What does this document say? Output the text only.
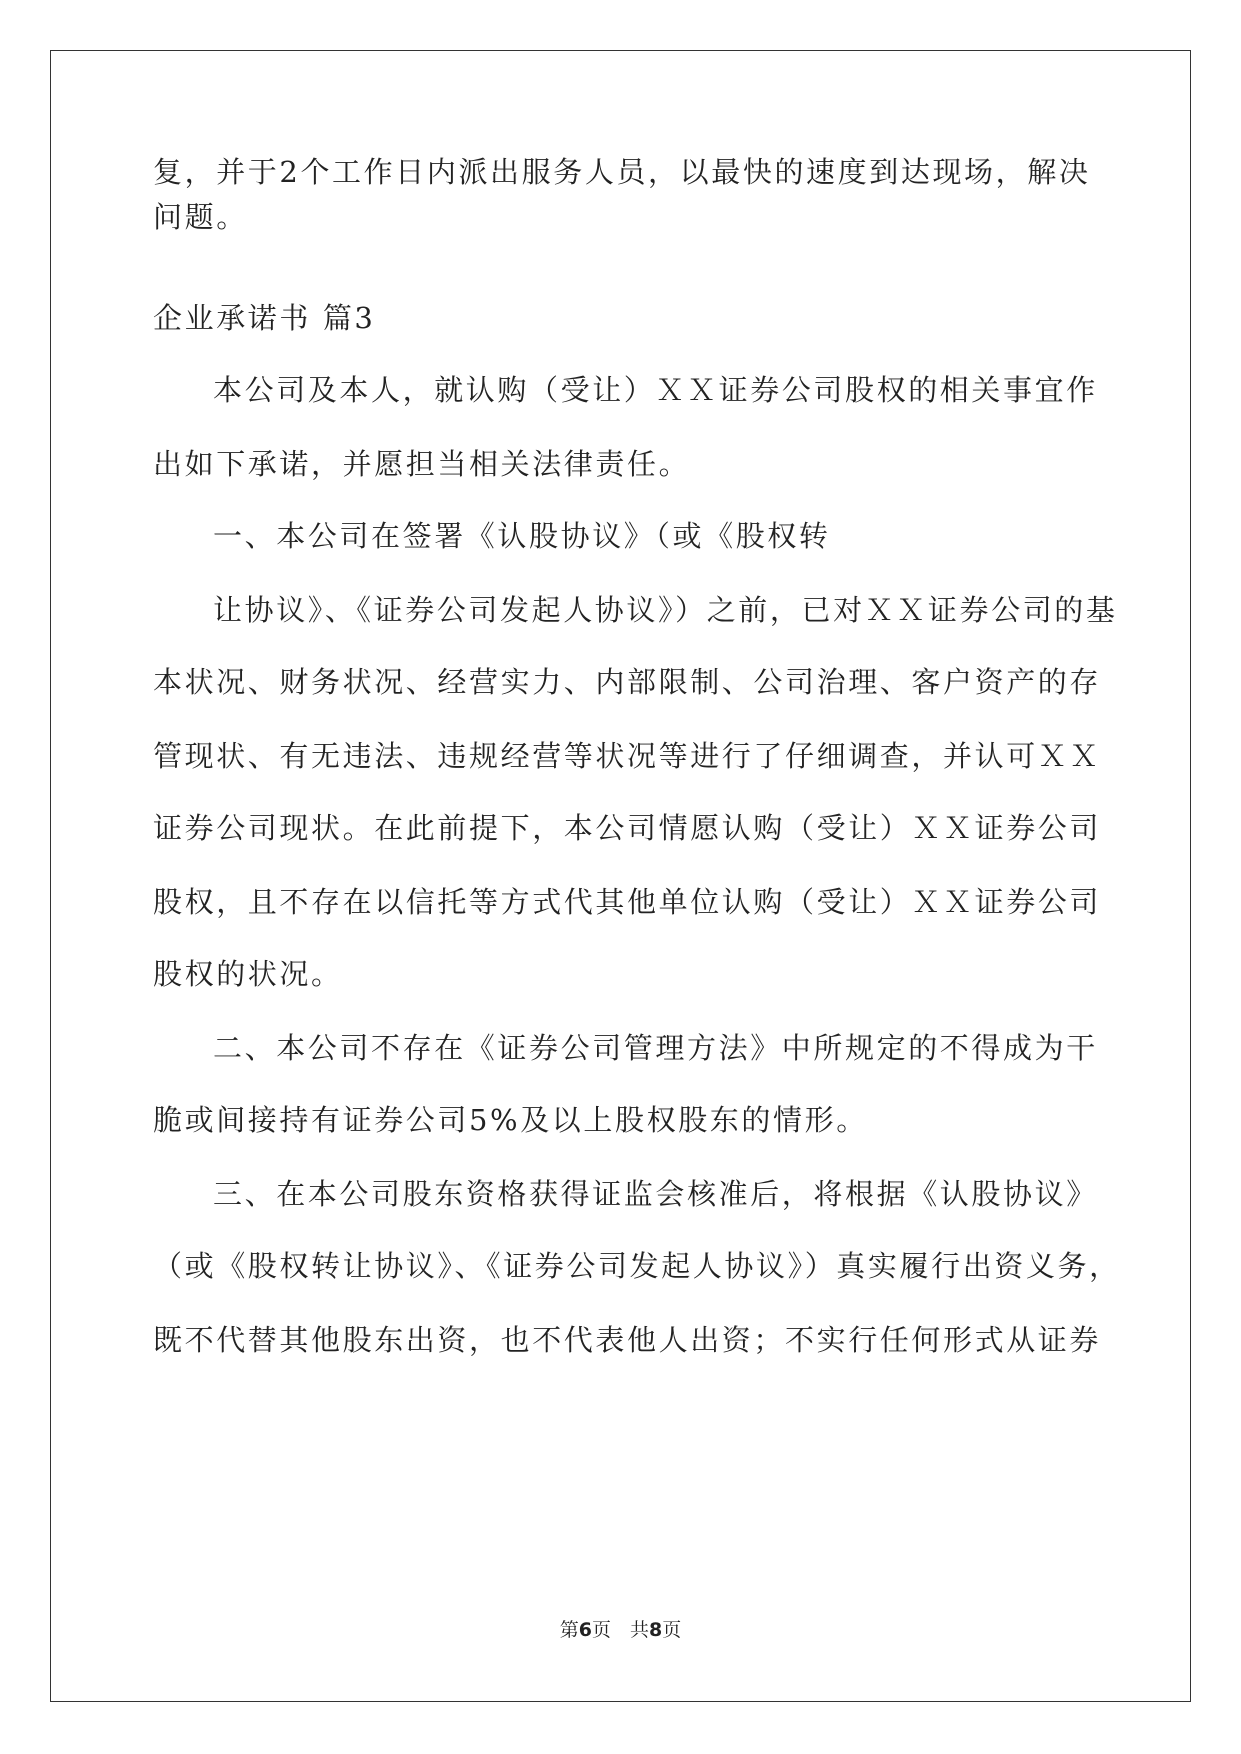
复，并于2个工作日内派出服务人员，以最快的速度到达现场，解决
问题。
企业承诺书 篇3
本公司及本人，就认购（受让）ＸＸ证券公司股权的相关事宜作
出如下承诺，并愿担当相关法律责任。
一、本公司在签署《认股协议》（或《股权转
让协议》、《证券公司发起人协议》）之前，已对ＸＸ证券公司的基
本状况、财务状况、经营实力、内部限制、公司治理、客户资产的存
管现状、有无违法、违规经营等状况等进行了仔细调查，并认可ＸＸ
证券公司现状。在此前提下，本公司情愿认购（受让）ＸＸ证券公司
股权，且不存在以信托等方式代其他单位认购（受让）ＸＸ证券公司
股权的状况。
二、本公司不存在《证券公司管理方法》中所规定的不得成为干
脆或间接持有证券公司5%及以上股权股东的情形。
三、在本公司股东资格获得证监会核准后，将根据《认股协议》
（或《股权转让协议》、《证券公司发起人协议》）真实履行出资义务，
既不代替其他股东出资，也不代表他人出资；不实行任何形式从证券
第6页　共8页
